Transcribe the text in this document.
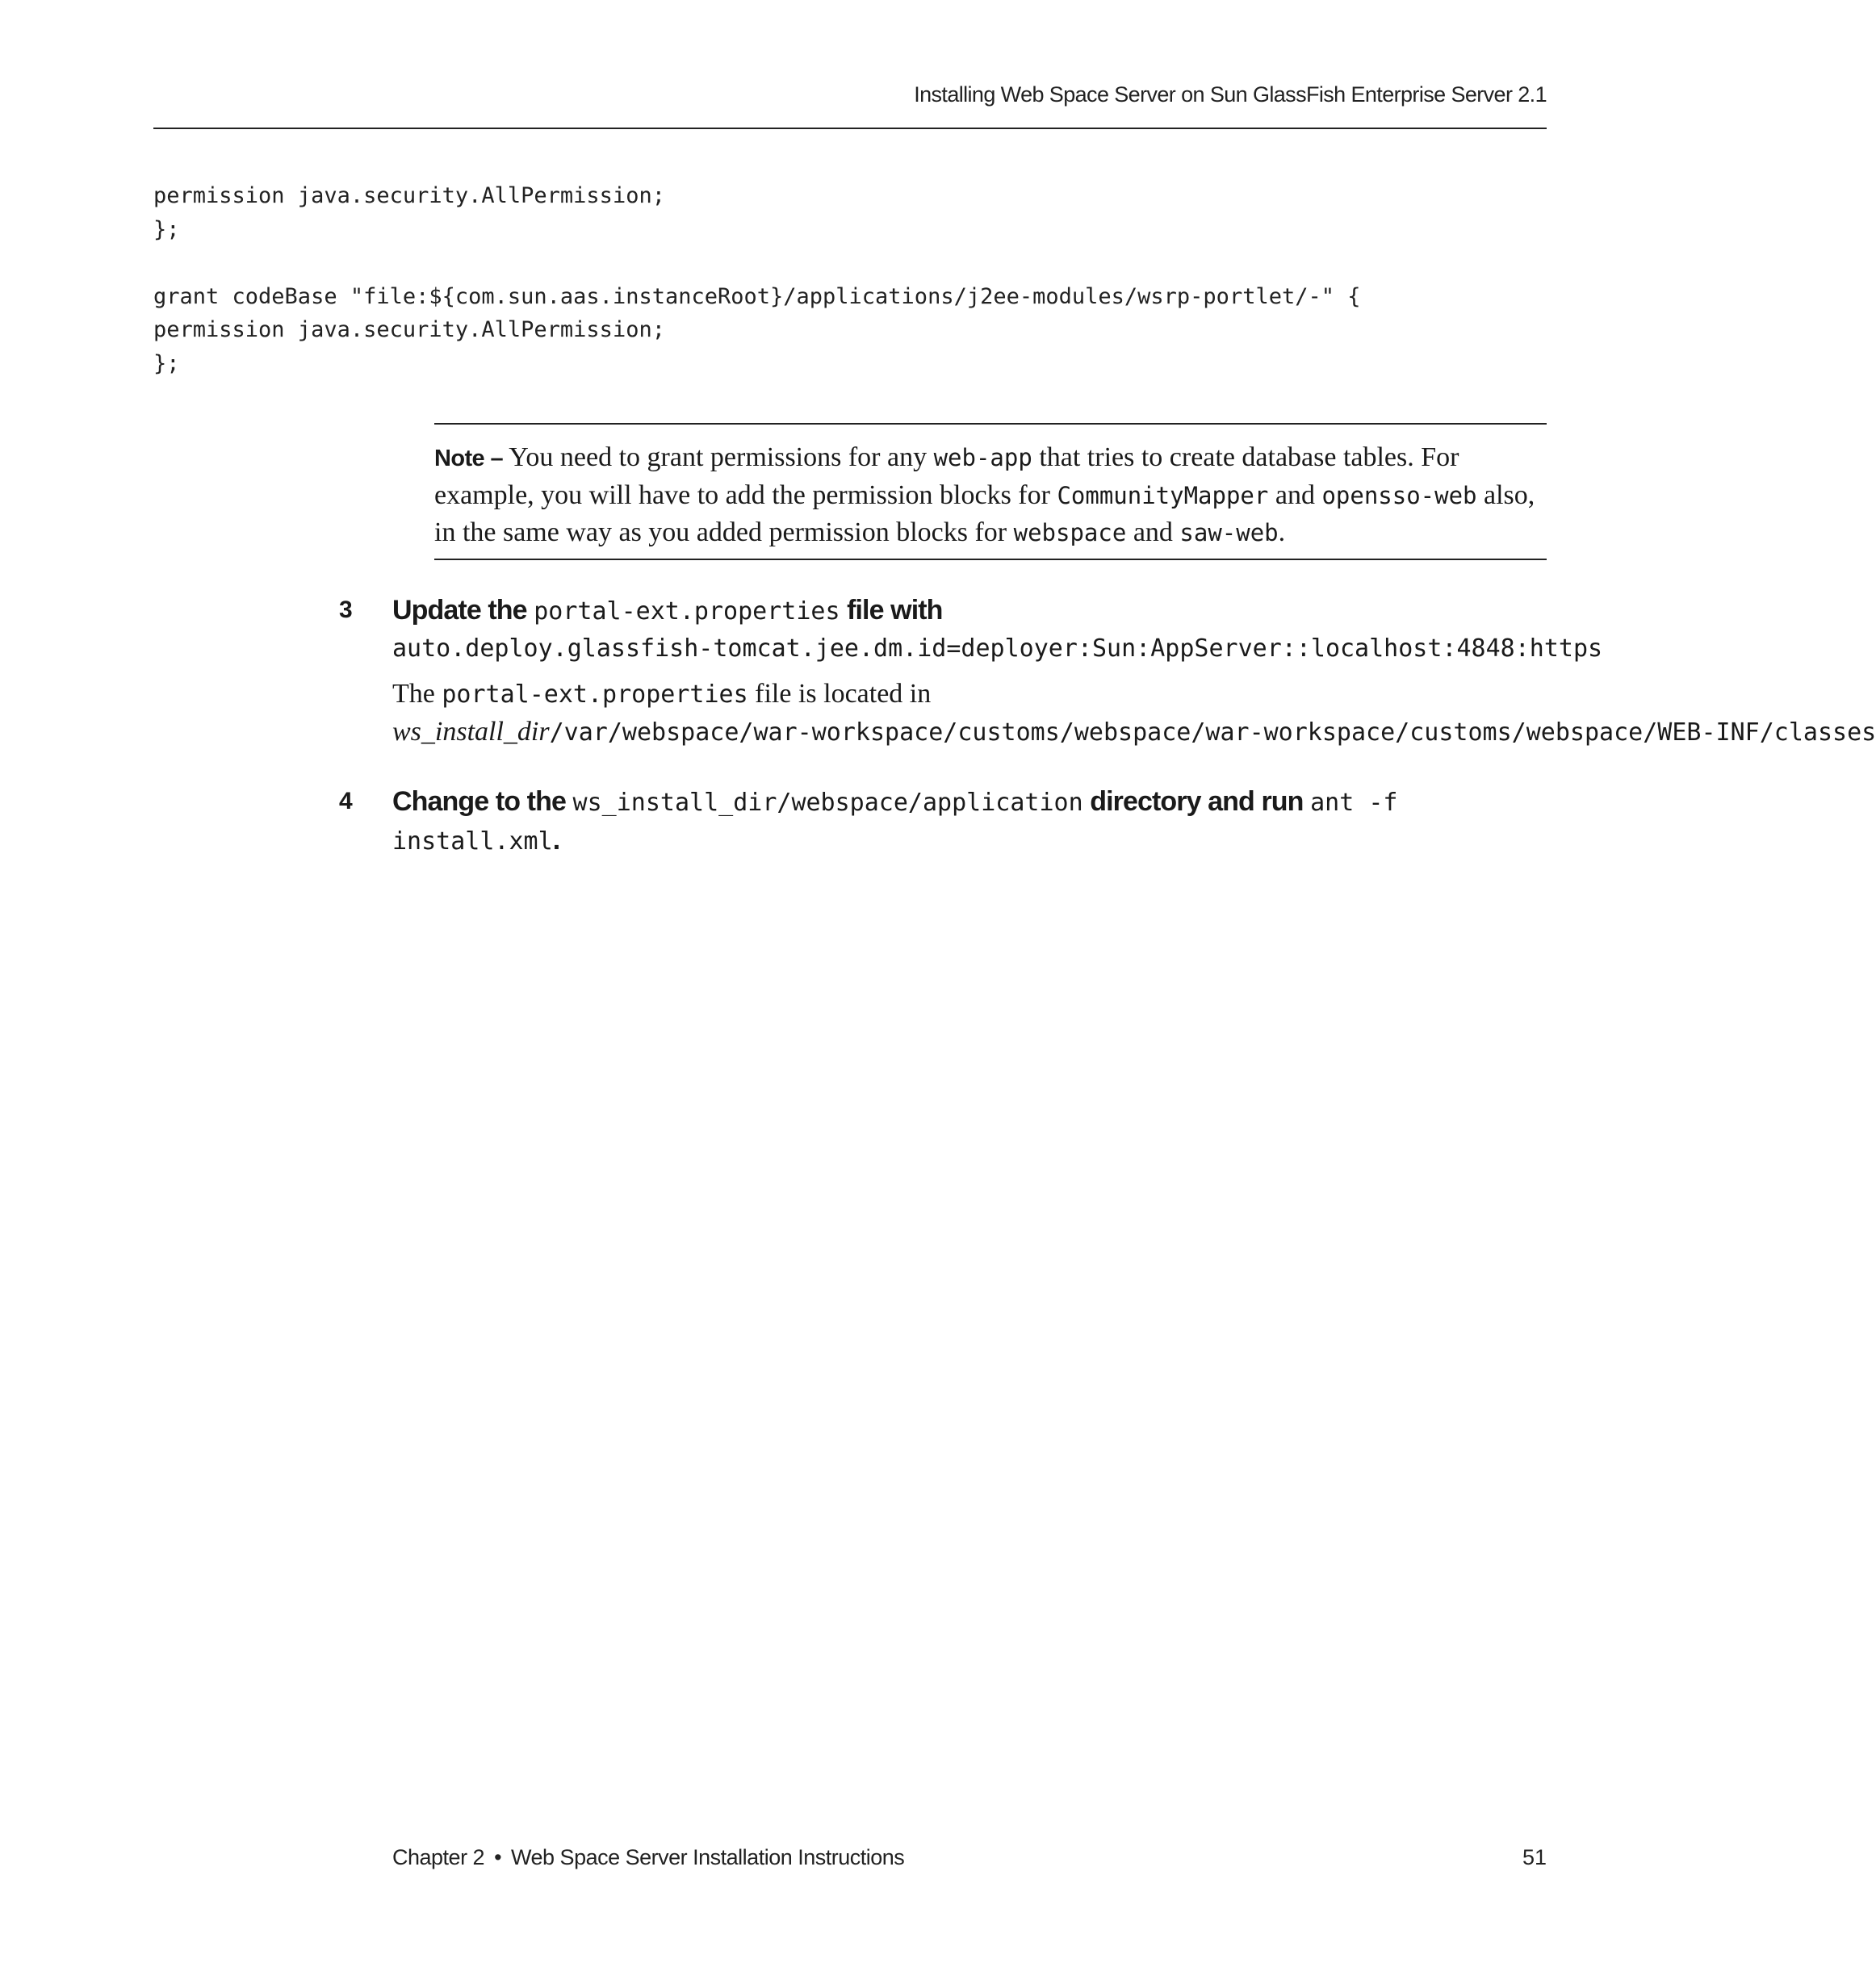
Installing Web Space Server on Sun GlassFish Enterprise Server 2.1
permission java.security.AllPermission;
};

grant codeBase "file:${com.sun.aas.instanceRoot}/applications/j2ee-modules/wsrp-portlet/-" {
permission java.security.AllPermission;
};
Note – You need to grant permissions for any web-app that tries to create database tables. For example, you will have to add the permission blocks for CommunityMapper and opensso-web also, in the same way as you added permission blocks for webspace and saw-web.
3 Update the portal-ext.properties file with
auto.deploy.glassfish-tomcat.jee.dm.id=deployer:Sun:AppServer::localhost:4848:https
The portal-ext.properties file is located in
ws_install_dir/var/webspace/war-workspace/customs/webspace/war-workspace/customs/webspace/WEB-INF/classes
4 Change to the ws_install_dir/webspace/application directory and run ant -f
install.xml.
Chapter 2 • Web Space Server Installation Instructions	51
